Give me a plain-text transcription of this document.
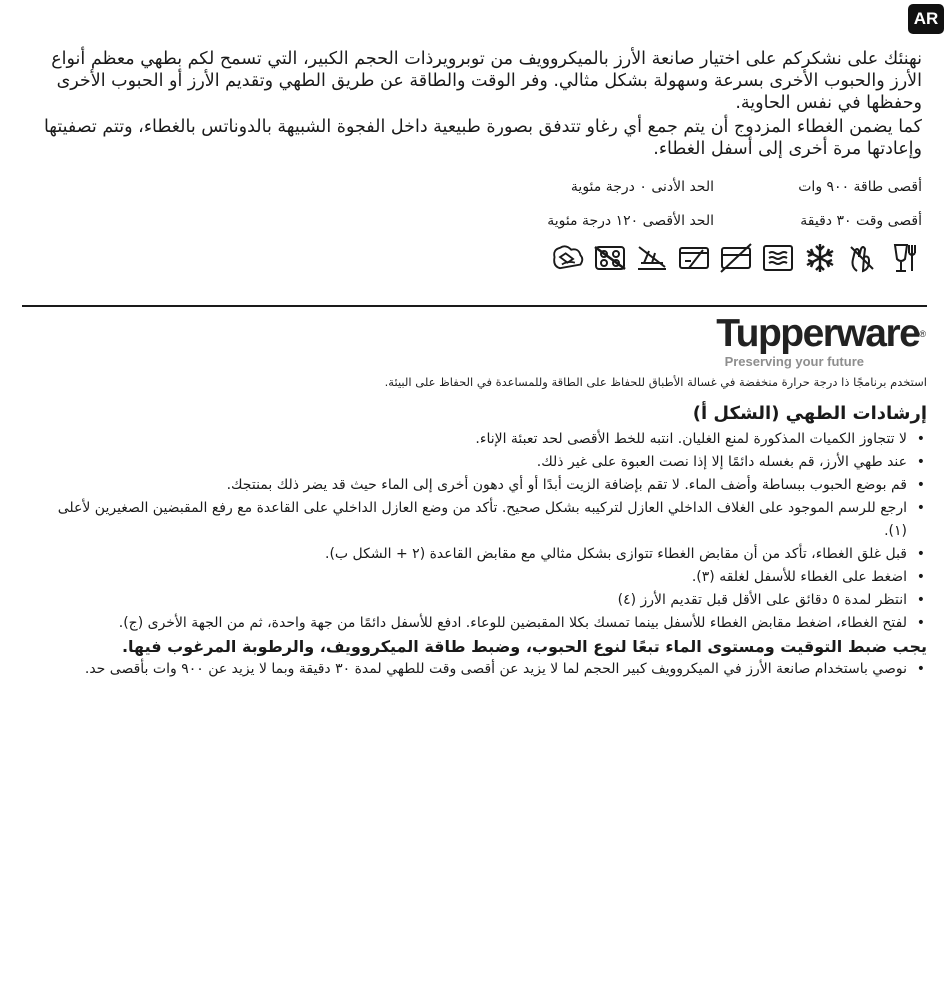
AR

نهنئك على نشكركم على اختيار صانعة الأرز بالميكروويف من توبرويرذات الحجم الكبير، التي تسمح لكم بطهي معظم أنواع الأرز والحبوب الأخرى بسرعة وسهولة بشكل مثالي. وفر الوقت والطاقة عن طريق الطهي وتقديم الأرز أو الحبوب الأخرى وحفظها في نفس الحاوية.

كما يضمن الغطاء المزدوج أن يتم جمع أي رغاو تتدفق بصورة طبيعية داخل الفجوة الشبيهة بالدوناتس بالغطاء، وتتم تصفيتها وإعادتها مرة أخرى إلى أسفل الغطاء.

أقصى طاقة ٩٠٠ وات
الحد الأدنى ٠ درجة مئوية
أقصى وقت ٣٠ دقيقة
الحد الأقصى ١٢٠ درجة مئوية
Tupperware®
Preserving your future

استخدم برنامجًا ذا درجة حرارة منخفضة في غسالة الأطباق للحفاظ على الطاقة وللمساعدة في الحفاظ على البيئة.

إرشادات الطهي (الشكل أ)
• لا تتجاوز الكميات المذكورة لمنع الغليان. انتبه للخط الأقصى لحد تعبئة الإناء.
• عند طهي الأرز، قم بغسله دائمًا إلا إذا نصت العبوة على غير ذلك.
• قم بوضع الحبوب ببساطة وأضف الماء. لا تقم بإضافة الزيت أبدًا أو أي دهون أخرى إلى الماء حيث قد يضر ذلك بمنتجك.
• ارجع للرسم الموجود على الغلاف الداخلي العازل لتركيبه بشكل صحيح. تأكد من وضع العازل الداخلي على القاعدة مع رفع المقبضين الصغيرين لأعلى (١).
• قبل غلق الغطاء، تأكد من أن مقابض الغطاء تتوازى بشكل مثالي مع مقابض القاعدة (٢ + الشكل ب).
• اضغط على الغطاء للأسفل لغلقه (٣).
• انتظر لمدة ٥ دقائق على الأقل قبل تقديم الأرز (٤)
• لفتح الغطاء، اضغط مقابض الغطاء للأسفل بينما تمسك بكلا المقبضين للوعاء. ادفع للأسفل دائمًا من جهة واحدة، ثم من الجهة الأخرى (ج).

يجب ضبط التوقيت ومستوى الماء تبعًا لنوع الحبوب، وضبط طاقة الميكروويف، والرطوبة المرغوب فيها.

• نوصي باستخدام صانعة الأرز في الميكروويف كبير الحجم لما لا يزيد عن أقصى وقت للطهي لمدة ٣٠ دقيقة وبما لا يزيد عن ٩٠٠ وات بأقصى حد.
